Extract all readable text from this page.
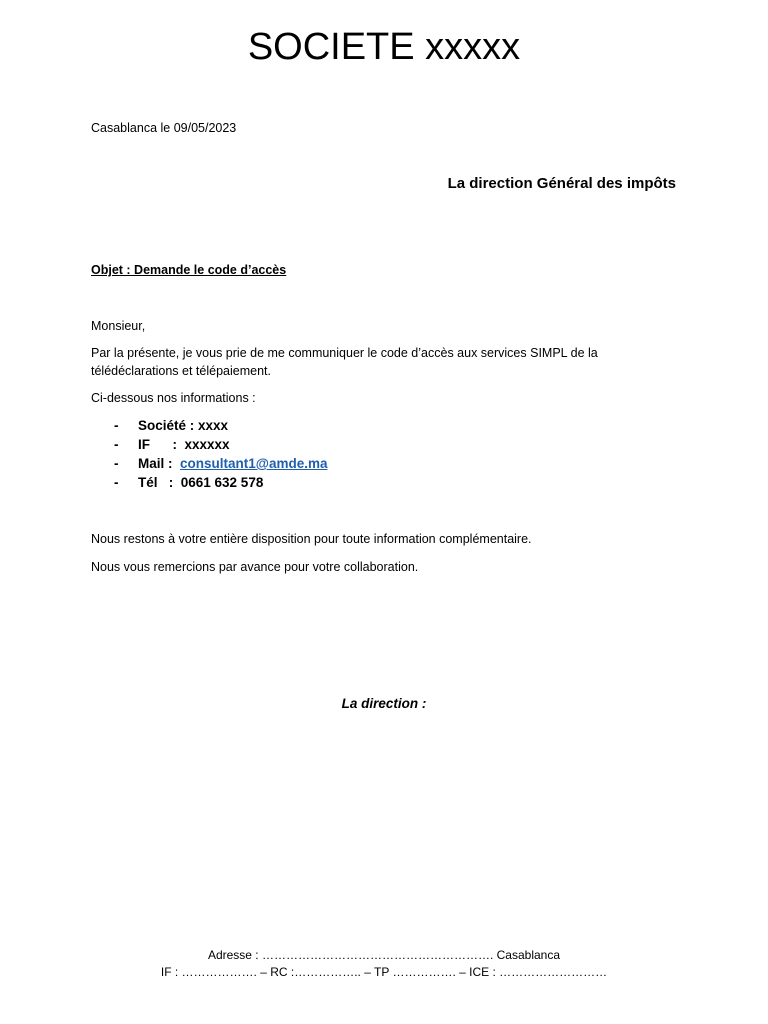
SOCIETE xxxxx
Casablanca le 09/05/2023
La direction Général des impôts
Objet : Demande le code d’accès
Monsieur,
Par la présente, je vous prie de me communiquer le code d’accès aux services SIMPL de la télédéclarations et télépaiement.
Ci-dessous nos informations :
- Société : xxxx
- IF      :  xxxxxx
- Mail :  consultant1@amde.ma
- Tél   :  0661 632 578
Nous restons à votre entière disposition pour toute information complémentaire.
Nous vous remercions par avance pour votre collaboration.
La direction :
Adresse : …………………………………………………. Casablanca
IF : ………………. – RC :…………….. – TP ……………. – ICE : ………………………
